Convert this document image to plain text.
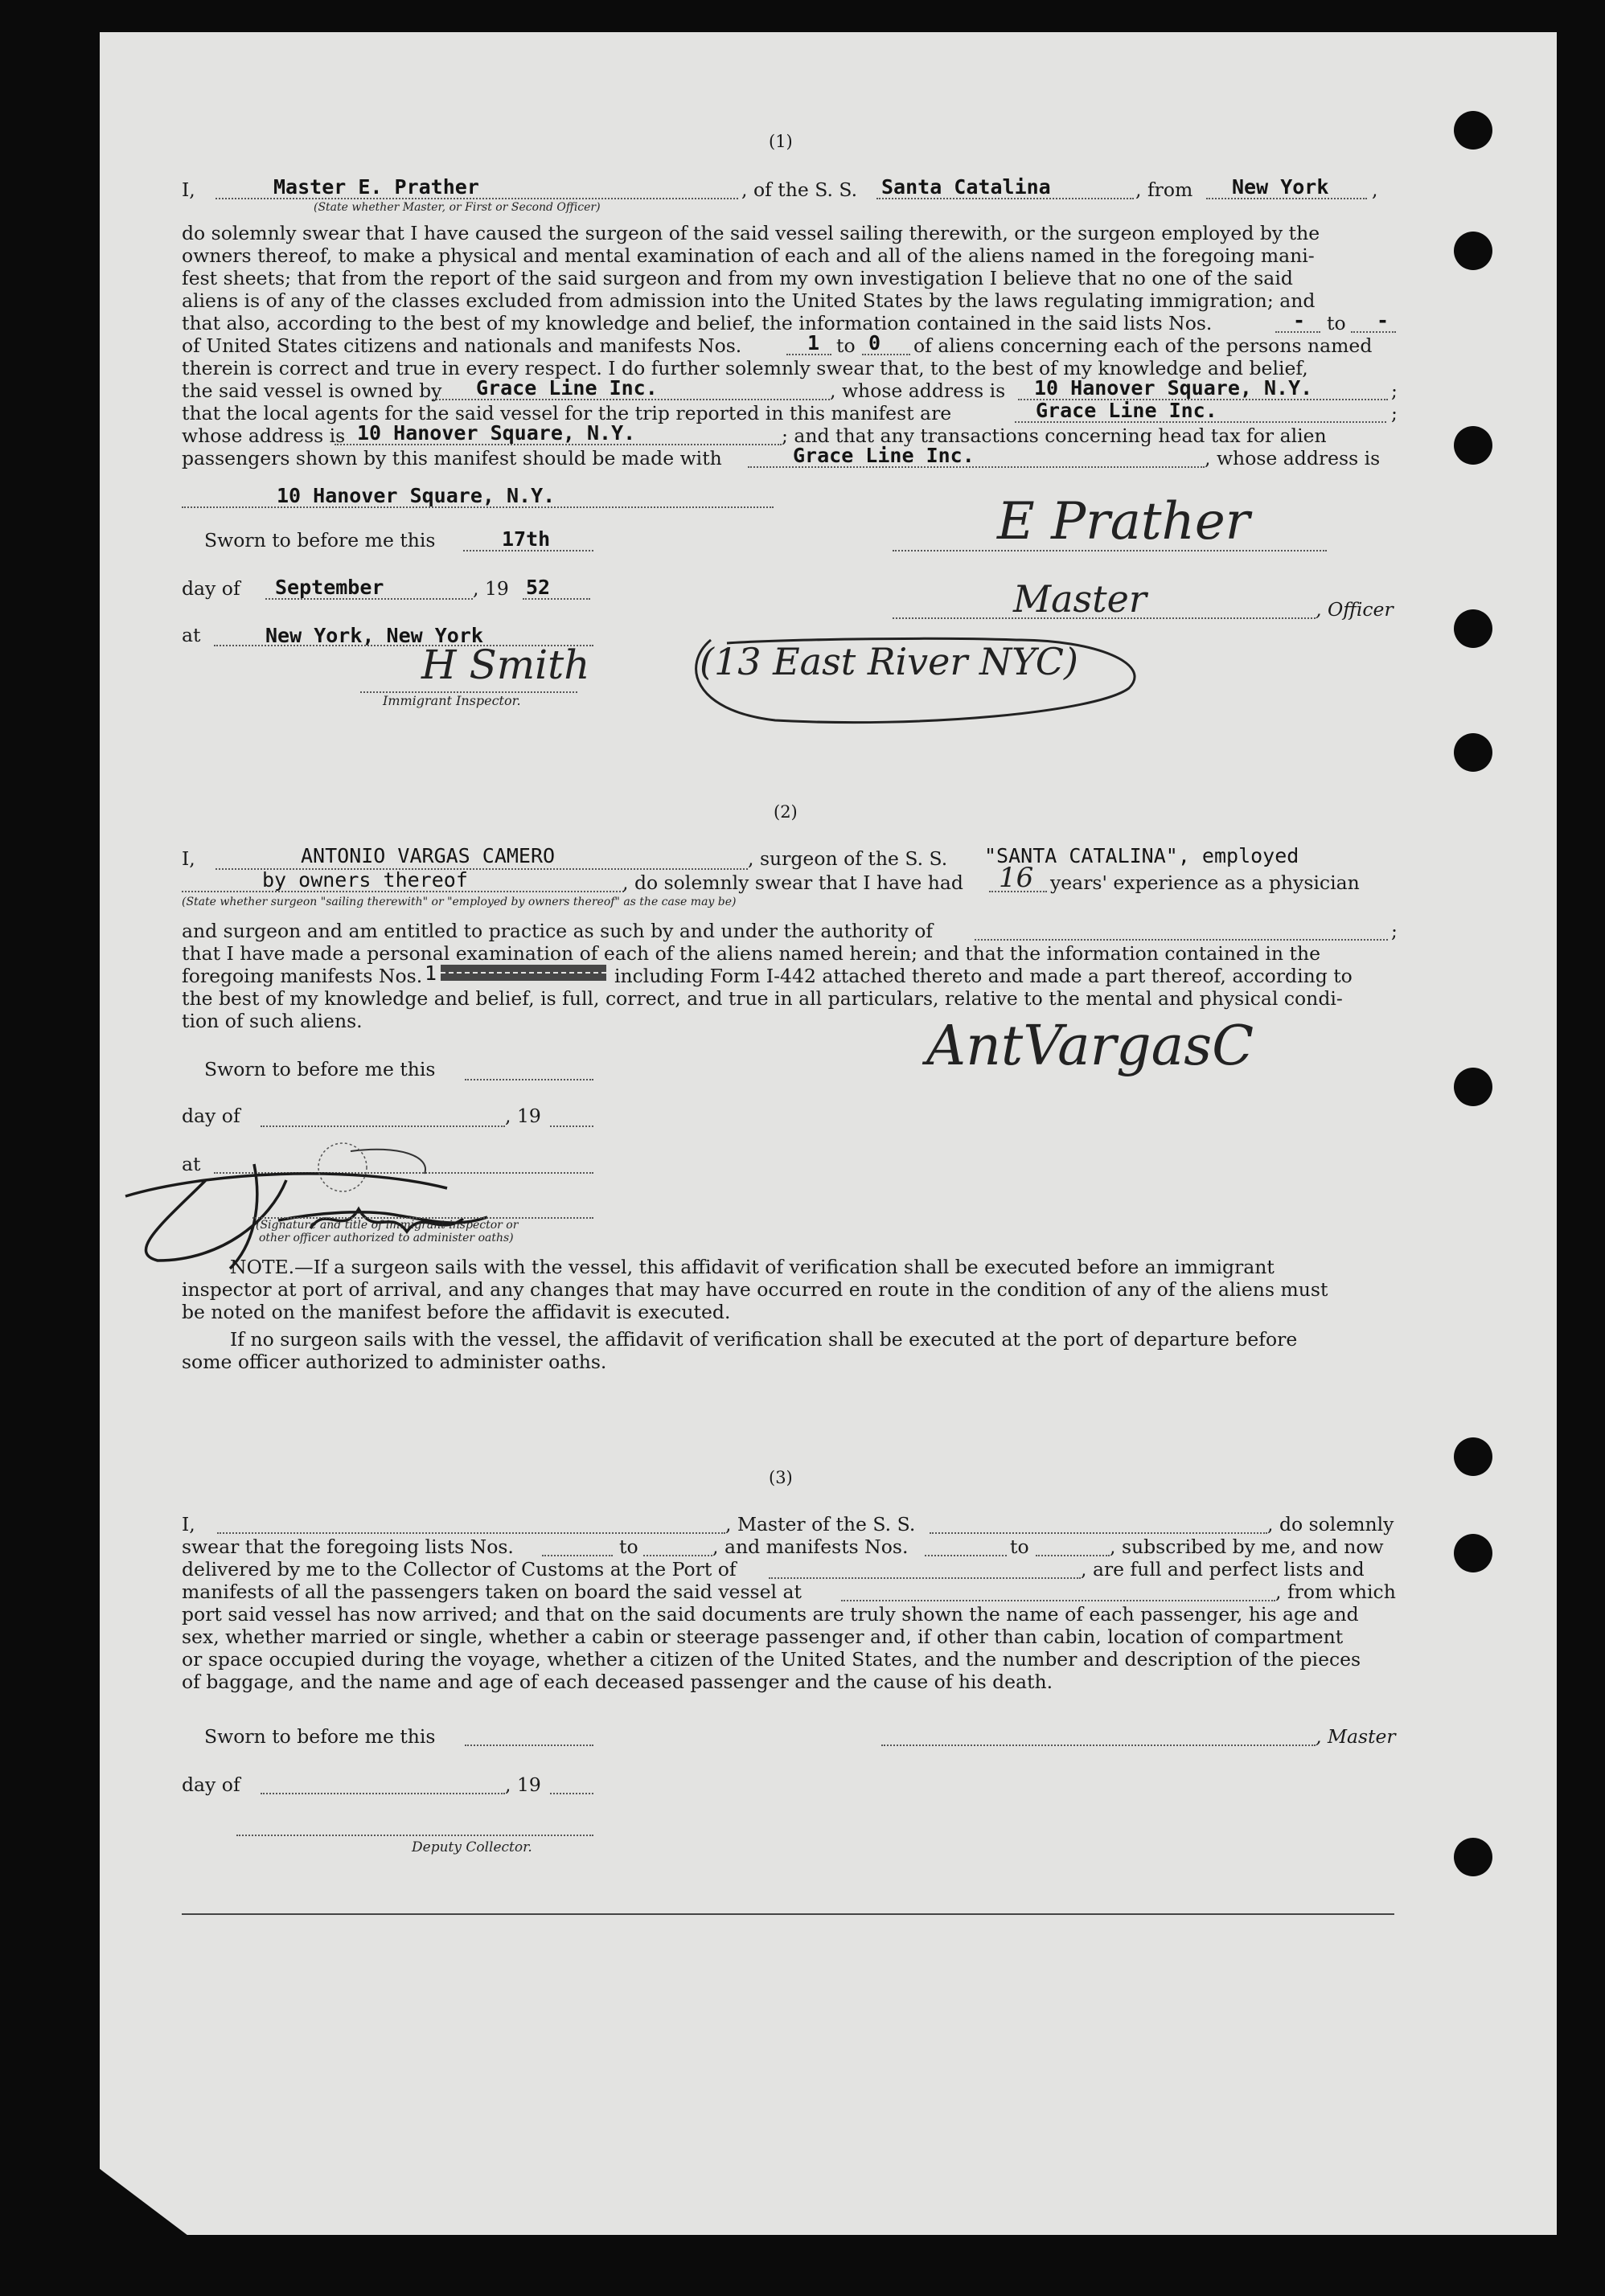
(1)
I,	Master E. Prather
(State whether Master, or First or Second Officer)
, of the S. S. Santa Catalina	, from New York ,
do solemnly swear that I have caused the surgeon of the said vessel sailing therewith, or the surgeon employed by the
owners thereof, to make a physical and mental examination of each and all of the aliens named in the foregoing mani-
fest sheets; that from the report of the said surgeon and from my own investigation I believe that no one of the said
aliens is of any of the classes excluded from admission into the United States by the laws regulating immigration; and
that also, according to the best of my knowledge and belief, the information contained in the said lists Nos.	- to -
of United States citizens and nationals and manifests Nos.	1 to 0 of aliens concerning each of the persons named
therein is correct and true in every respect. I do further solemnly swear that, to the best of my knowledge and belief,
the said vessel is owned by Grace Line Inc.	, whose address is 10 Hanover Square, N.Y.	;
that the local agents for the said vessel for the trip reported in this manifest are	Grace Line Inc.	;
whose address is 10 Hanover Square, N.Y.	; and that any transactions concerning head tax for alien
passengers shown by this manifest should be made with	Grace Line Inc.	, whose address is
10 Hanover Square, N.Y.
Sworn to before me this	17th	E Prather
day of September	, 19 52	Master	, Officer
at	New York, New York
H Smith
Immigrant Inspector.
(13 East River NYC)
(2)
I,	ANTONIO VARGAS CAMERO	, surgeon of the S. S. "SANTA CATALINA", employed
by owners thereof	, do solemnly swear that I have had 16 years' experience as a physician
(State whether surgeon "sailing therewith" or "employed by owners thereof" as the case may be)
and surgeon and am entitled to practice as such by and under the authority of	;
that I have made a personal examination of each of the aliens named herein; and that the information contained in the
foregoing manifests Nos. 1	including Form I-442 attached thereto and made a part thereof, according to
the best of my knowledge and belief, is full, correct, and true in all particulars, relative to the mental and physical condi-
tion of such aliens.
Sworn to before me this	AntVargasC
day of	, 19
at
(Signature and title of immigrant inspector or
other officer authorized to administer oaths)
NOTE.—If a surgeon sails with the vessel, this affidavit of verification shall be executed before an immigrant
inspector at port of arrival, and any changes that may have occurred en route in the condition of any of the aliens must
be noted on the manifest before the affidavit is executed.
If no surgeon sails with the vessel, the affidavit of verification shall be executed at the port of departure before
some officer authorized to administer oaths.
(3)
I,	, Master of the S. S.	, do solemnly
swear that the foregoing lists Nos.	to	, and manifests Nos.	to	, subscribed by me, and now
delivered by me to the Collector of Customs at the Port of	, are full and perfect lists and
manifests of all the passengers taken on board the said vessel at	, from which
port said vessel has now arrived; and that on the said documents are truly shown the name of each passenger, his age and
sex, whether married or single, whether a cabin or steerage passenger and, if other than cabin, location of compartment
or space occupied during the voyage, whether a citizen of the United States, and the number and description of the pieces
of baggage, and the name and age of each deceased passenger and the cause of his death.
Sworn to before me this	, Master
day of	, 19
Deputy Collector.
